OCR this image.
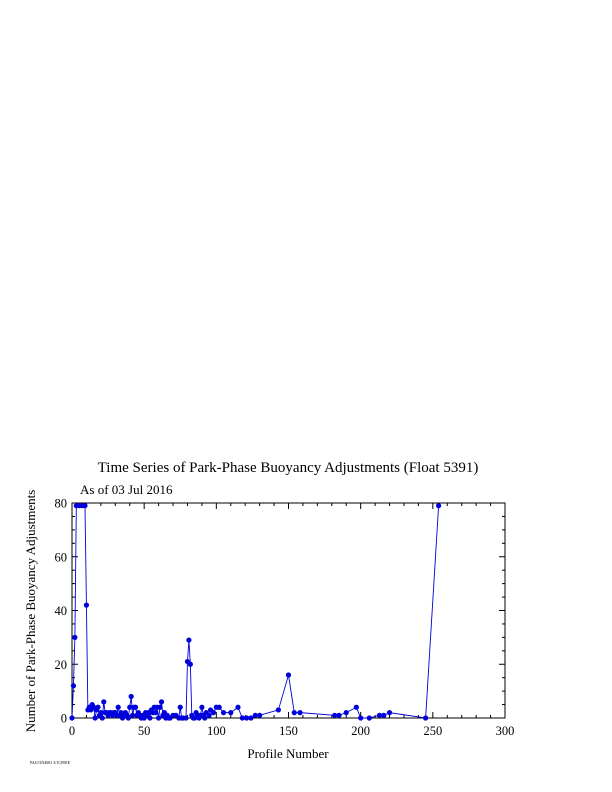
Time Series of Park-Phase Buoyancy Adjustments (Float 5391)
As of 03 Jul 2016
0	50	100	150	200	250	300
0
20
40
60
80
Profile Number
Number of Park-Phase Buoyancy Adjustments
PAG?2N4081 3/1CF0EE
